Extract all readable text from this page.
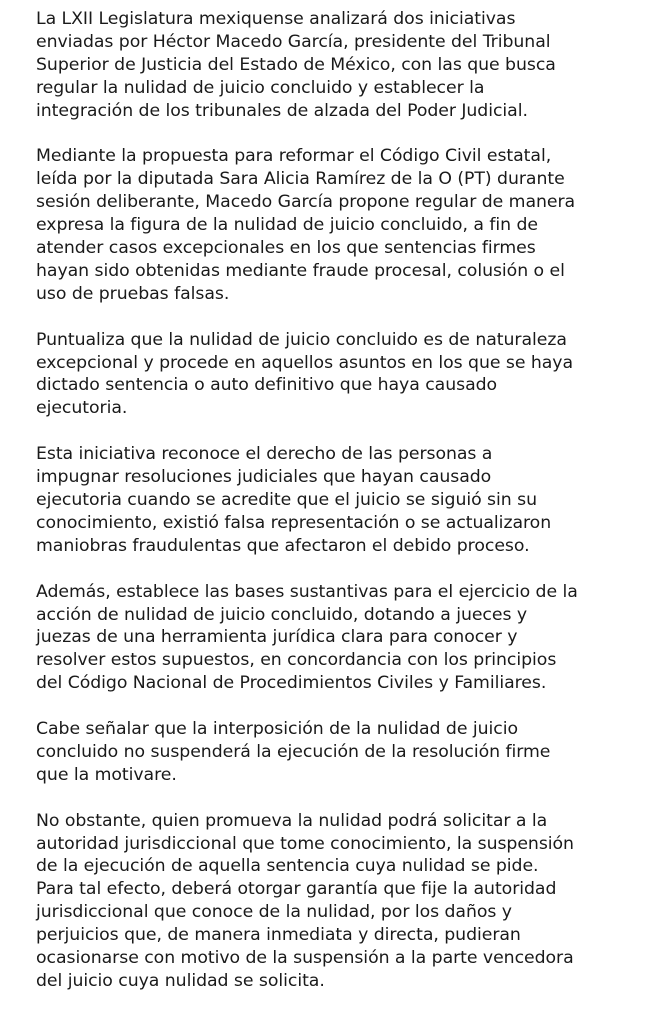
La LXII Legislatura mexiquense analizará dos iniciativas
enviadas por Héctor Macedo García, presidente del Tribunal
Superior de Justicia del Estado de México, con las que busca
regular la nulidad de juicio concluido y establecer la
integración de los tribunales de alzada del Poder Judicial.

Mediante la propuesta para reformar el Código Civil estatal,
leída por la diputada Sara Alicia Ramírez de la O (PT) durante
sesión deliberante, Macedo García propone regular de manera
expresa la figura de la nulidad de juicio concluido, a fin de
atender casos excepcionales en los que sentencias firmes
hayan sido obtenidas mediante fraude procesal, colusión o el
uso de pruebas falsas.

Puntualiza que la nulidad de juicio concluido es de naturaleza
excepcional y procede en aquellos asuntos en los que se haya
dictado sentencia o auto definitivo que haya causado
ejecutoria.

Esta iniciativa reconoce el derecho de las personas a
impugnar resoluciones judiciales que hayan causado
ejecutoria cuando se acredite que el juicio se siguió sin su
conocimiento, existió falsa representación o se actualizaron
maniobras fraudulentas que afectaron el debido proceso.

Además, establece las bases sustantivas para el ejercicio de la
acción de nulidad de juicio concluido, dotando a jueces y
juezas de una herramienta jurídica clara para conocer y
resolver estos supuestos, en concordancia con los principios
del Código Nacional de Procedimientos Civiles y Familiares.

Cabe señalar que la interposición de la nulidad de juicio
concluido no suspenderá la ejecución de la resolución firme
que la motivare.

No obstante, quien promueva la nulidad podrá solicitar a la
autoridad jurisdiccional que tome conocimiento, la suspensión
de la ejecución de aquella sentencia cuya nulidad se pide.
Para tal efecto, deberá otorgar garantía que fije la autoridad
jurisdiccional que conoce de la nulidad, por los daños y
perjuicios que, de manera inmediata y directa, pudieran
ocasionarse con motivo de la suspensión a la parte vencedora
del juicio cuya nulidad se solicita.
